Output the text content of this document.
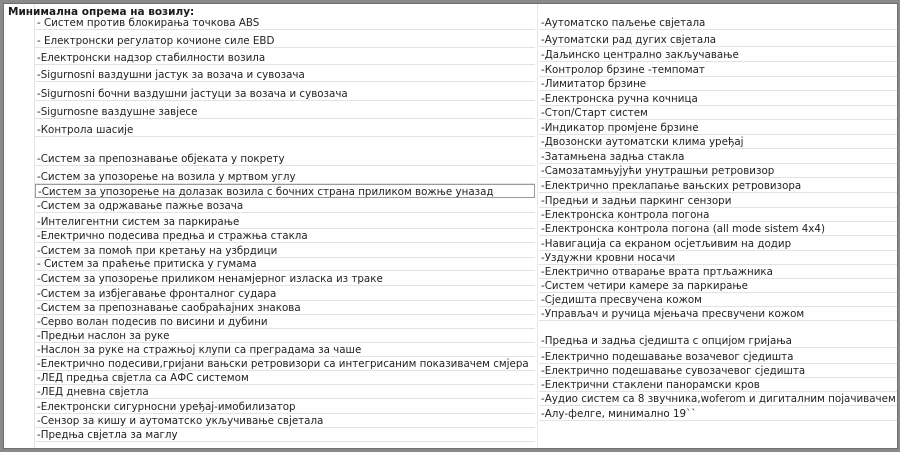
Минимална опрема на возилу:
- Систем против блокирања точкова ABS
- Електронски регулатор кочионе силе EBD
-Електронски надзор стабилности возила
-Sigurnosni ваздушни јастук за возача и сувозача
-Sigurnosni бочни ваздушни јастуци за возача и сувозача
-Sigurnosne ваздушне завјесе
-Контрола шасије
-Систем за препознавање објеката у покрету
-Систем за упозорење на возила у мртвом углу
-Систем за упозорење на долазак возила с бочних страна приликом вожње уназад
-Систем за одржавање пажње возача
-Интелигентни систем за паркирање
-Електрично подесива предња и стражња стакла
-Систем за помоћ при кретању на узбрдици
- Систем за праћење притиска у гумама
-Систем за упозорење приликом ненамјерног изласка из траке
-Систем за избјегавање фронталног судара
-Систем за препознавање саобраћајних знакова
-Серво волан подесив по висини и дубини
-Предњи наслон за руке
-Наслон за руке на стражњој клупи са преградама за чаше
-Електрично подесиви,гријани вањски ретровизори са интегрисаним показивачем смјера
-ЛЕД предња свјетла са АФС системом
-ЛЕД дневна свјетла
-Електронски сигурносни уређај-имобилизатор
-Сензор за кишу и аутоматско укључивање свјетала
-Предња свјетла за маглу
-Аутоматско паљење свјетала
-Аутоматски рад дугих свјетала
-Даљинско централно закључавање
-Контролор брзине -темпомат
-Лимитатор брзине
-Електронска ручна кочница
-Стоп/Старт систем
-Индикатор промјене брзине
-Двозонски аутоматски клима уређај
-Затамњена задња стакла
-Самозатамњујући унутрашњи ретровизор
-Електрично преклапање вањских ретровизора
-Предњи и задњи паркинг сензори
-Електронска контрола погона
-Електронска контрола погона (all mode sistem 4x4)
-Навигација са екраном осјетљивим на додир
-Уздужни кровни носачи
-Електрично отварање врата пртљажника
-Систем четири камере за паркирање
-Сједишта пресвучена кожом
-Управљач и ручица мјењача пресвучени кожом
-Предња и задња сједишта с опцијом гријања
-Електрично подешавање возачевог сједишта
-Електрично подешавање сувозачевог сједишта
-Електрични стаклени панорамски кров
-Аудио систем са 8 звучника,woferom и дигиталним појачивачем
-Алу-фелге, минимално 19``
